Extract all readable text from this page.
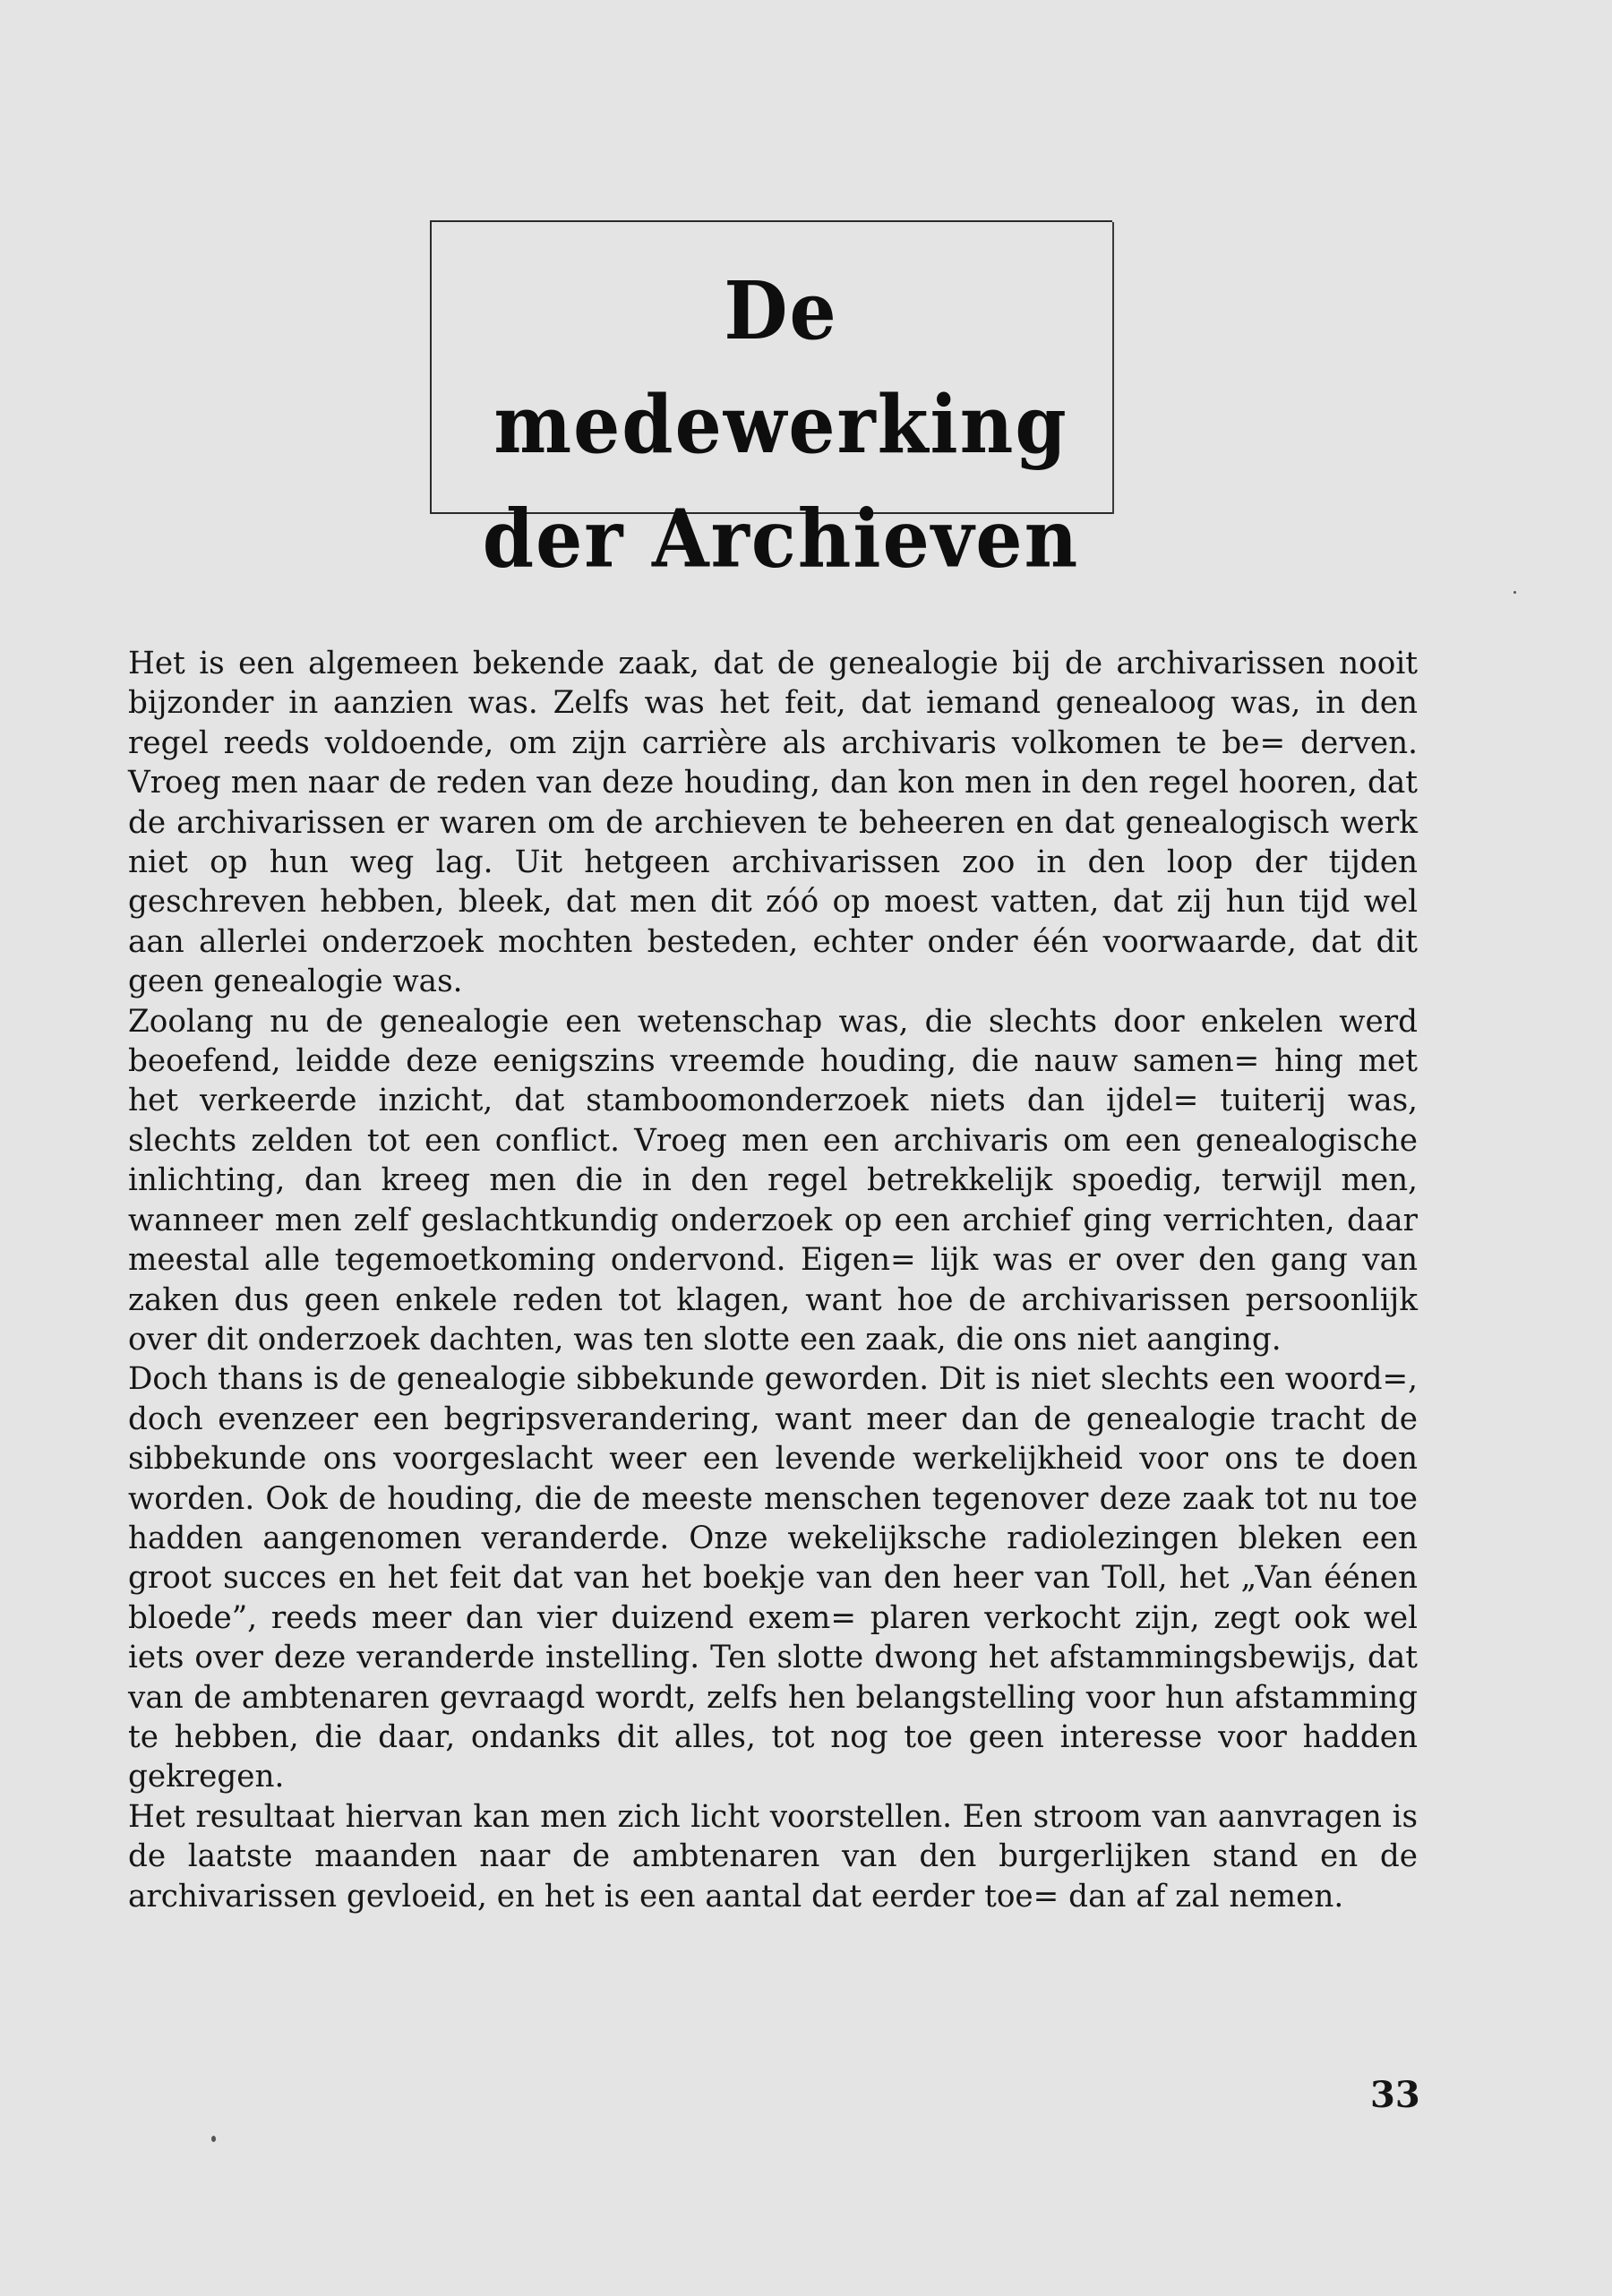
De medewerking
der Archieven

Het is een algemeen bekende zaak, dat de genealogie bij de archivarissen nooit bijzonder in aanzien was. Zelfs was het feit, dat iemand genealoog was, in den regel reeds voldoende, om zijn carrière als archivaris volkomen te be= derven. Vroeg men naar de reden van deze houding, dan kon men in den regel hooren, dat de archivarissen er waren om de archieven te beheeren en dat genealogisch werk niet op hun weg lag. Uit hetgeen archivarissen zoo in den loop der tijden geschreven hebben, bleek, dat men dit zóó op moest vatten, dat zij hun tijd wel aan allerlei onderzoek mochten besteden, echter onder één voorwaarde, dat dit geen genealogie was.

Zoolang nu de genealogie een wetenschap was, die slechts door enkelen werd beoefend, leidde deze eenigszins vreemde houding, die nauw samen= hing met het verkeerde inzicht, dat stamboomonderzoek niets dan ijdel= tuiterij was, slechts zelden tot een conflict. Vroeg men een archivaris om een genealogische inlichting, dan kreeg men die in den regel betrekkelijk spoedig, terwijl men, wanneer men zelf geslachtkundig onderzoek op een archief ging verrichten, daar meestal alle tegemoetkoming ondervond. Eigen= lijk was er over den gang van zaken dus geen enkele reden tot klagen, want hoe de archivarissen persoonlijk over dit onderzoek dachten, was ten slotte een zaak, die ons niet aanging.

Doch thans is de genealogie sibbekunde geworden. Dit is niet slechts een woord=, doch evenzeer een begripsverandering, want meer dan de genealogie tracht de sibbekunde ons voorgeslacht weer een levende werkelijkheid voor ons te doen worden. Ook de houding, die de meeste menschen tegenover deze zaak tot nu toe hadden aangenomen veranderde. Onze wekelijksche radiolezingen bleken een groot succes en het feit dat van het boekje van den heer van Toll, het „Van éénen bloede”, reeds meer dan vier duizend exem= plaren verkocht zijn, zegt ook wel iets over deze veranderde instelling. Ten slotte dwong het afstammingsbewijs, dat van de ambtenaren gevraagd wordt, zelfs hen belangstelling voor hun afstamming te hebben, die daar, ondanks dit alles, tot nog toe geen interesse voor hadden gekregen.

Het resultaat hiervan kan men zich licht voorstellen. Een stroom van aanvragen is de laatste maanden naar de ambtenaren van den burgerlijken stand en de archivarissen gevloeid, en het is een aantal dat eerder toe= dan af zal nemen.

33
